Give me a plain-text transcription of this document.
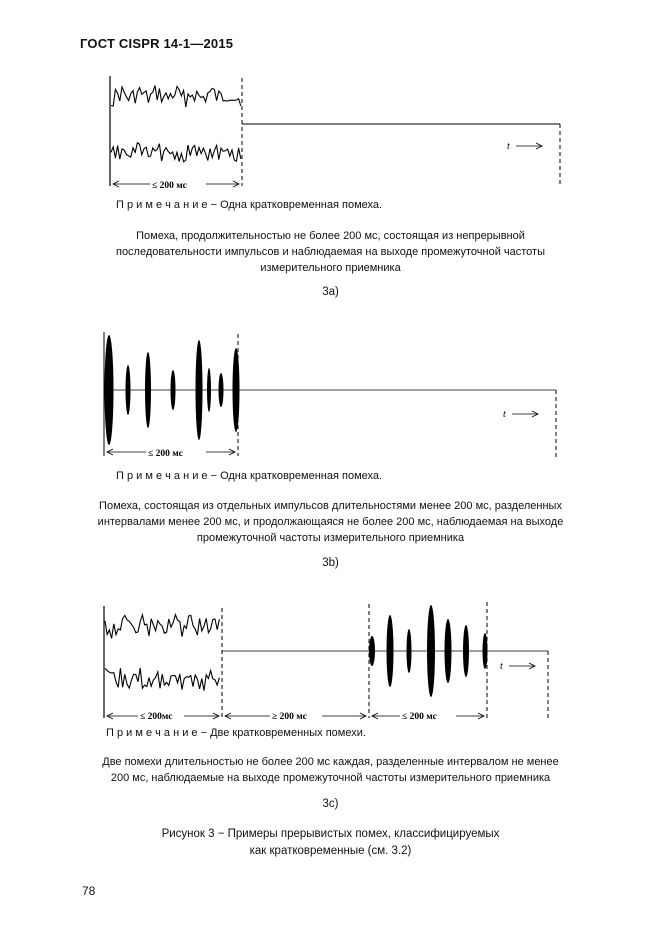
ГОСТ CISPR 14-1—2015
≤ 200 мс
t
П р и м е ч а н и е − Одна кратковременная помеха.
Помеха, продолжительностью не более 200 мс, состоящая из непрерывной
последовательности импульсов и наблюдаемая на выходе промежуточной частоты
измерительного приемника
3a)
≤ 200 мс
t
П р и м е ч а н и е − Одна кратковременная помеха.
Помеха, состоящая из отдельных импульсов длительностями менее 200 мс, разделенных
интервалами менее 200 мс, и продолжающаяся не более 200 мс, наблюдаемая на выходе
промежуточной частоты измерительного приемника
3b)
≤ 200мс	≥ 200 мс	≤ 200 мс
t
П р и м е ч а н и е − Две кратковременных помехи.
Две помехи длительностью не более 200 мс каждая, разделенные интервалом не менее
200 мс, наблюдаемые на выходе промежуточной частоты измерительного приемника
3c)
Рисунок 3 − Примеры прерывистых помех, классифицируемых
как кратковременные (см. 3.2)
78
